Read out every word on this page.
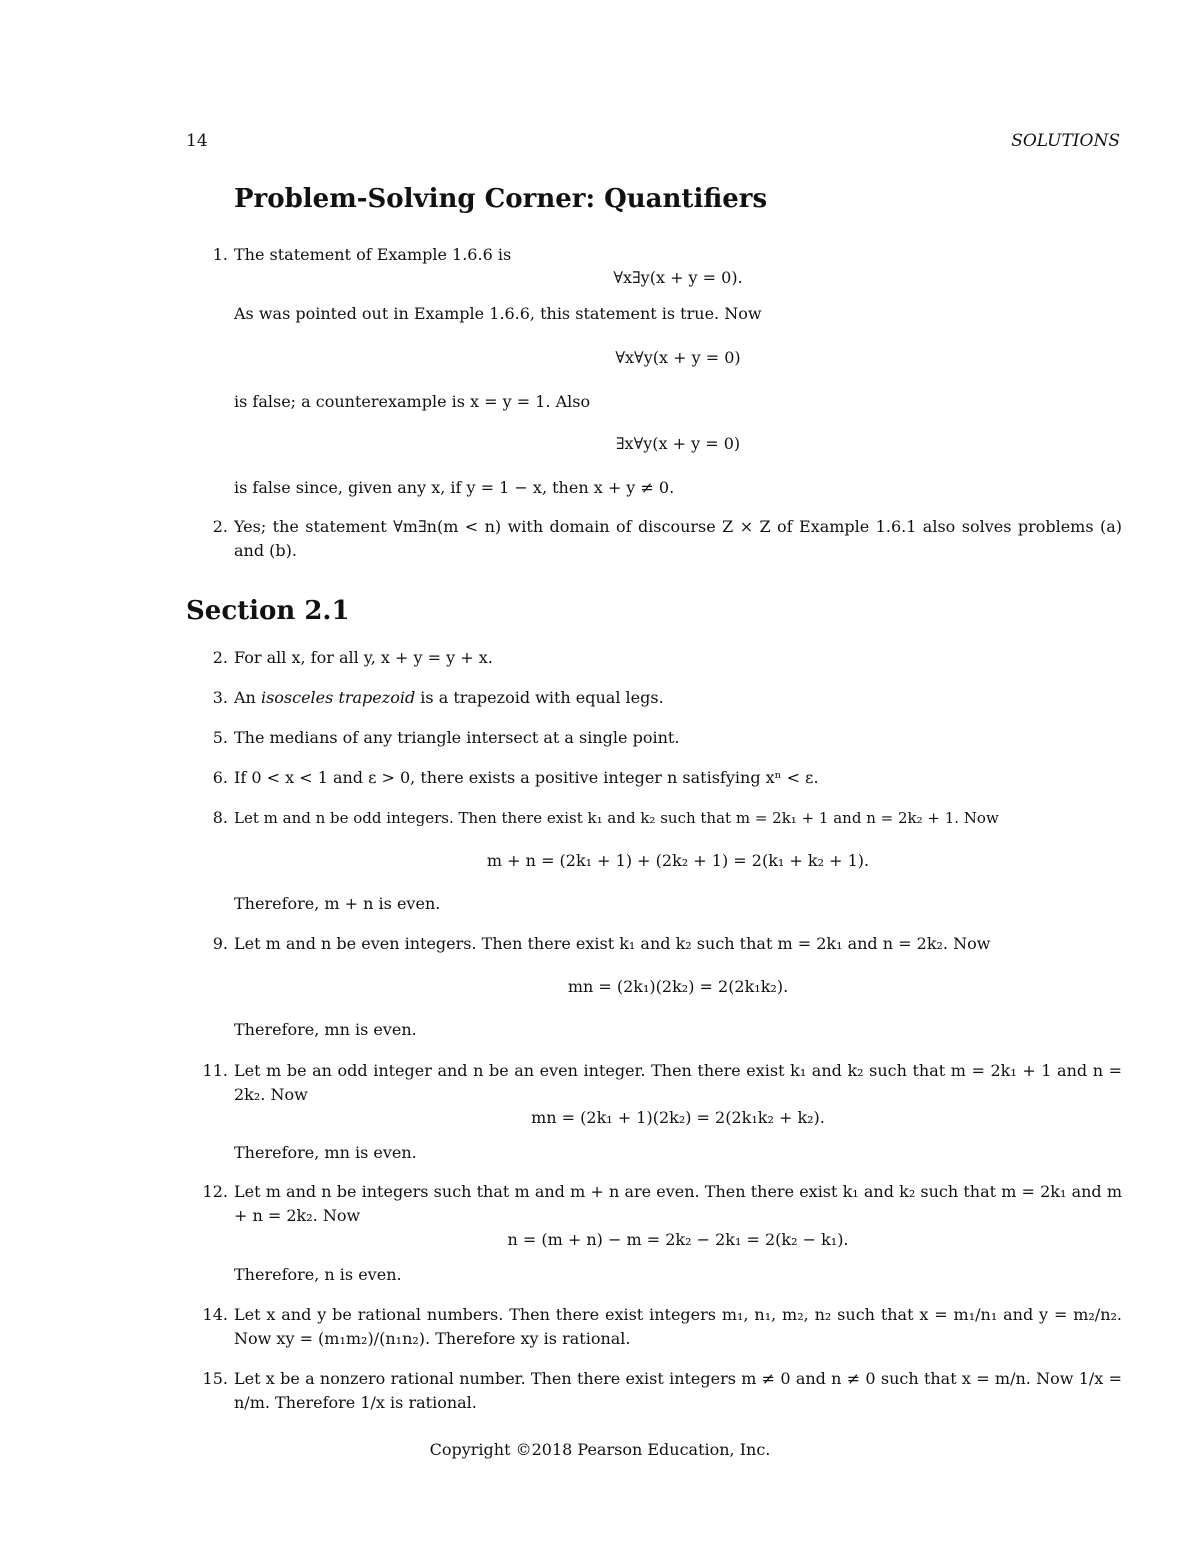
14	SOLUTIONS
Problem-Solving Corner: Quantifiers
1. The statement of Example 1.6.6 is
∀x∃y(x + y = 0).
As was pointed out in Example 1.6.6, this statement is true. Now
∀x∀y(x + y = 0)
is false; a counterexample is x = y = 1. Also
∃x∀y(x + y = 0)
is false since, given any x, if y = 1 − x, then x + y ≠ 0.
2. Yes; the statement ∀m∃n(m < n) with domain of discourse Z × Z of Example 1.6.1 also solves problems (a) and (b).
Section 2.1
2. For all x, for all y, x + y = y + x.
3. An isosceles trapezoid is a trapezoid with equal legs.
5. The medians of any triangle intersect at a single point.
6. If 0 < x < 1 and ε > 0, there exists a positive integer n satisfying xⁿ < ε.
8. Let m and n be odd integers. Then there exist k₁ and k₂ such that m = 2k₁ + 1 and n = 2k₂ + 1. Now
m + n = (2k₁ + 1) + (2k₂ + 1) = 2(k₁ + k₂ + 1).
Therefore, m + n is even.
9. Let m and n be even integers. Then there exist k₁ and k₂ such that m = 2k₁ and n = 2k₂. Now
mn = (2k₁)(2k₂) = 2(2k₁k₂).
Therefore, mn is even.
11. Let m be an odd integer and n be an even integer. Then there exist k₁ and k₂ such that m = 2k₁ + 1 and n = 2k₂. Now
mn = (2k₁ + 1)(2k₂) = 2(2k₁k₂ + k₂).
Therefore, mn is even.
12. Let m and n be integers such that m and m + n are even. Then there exist k₁ and k₂ such that m = 2k₁ and m + n = 2k₂. Now
n = (m + n) − m = 2k₂ − 2k₁ = 2(k₂ − k₁).
Therefore, n is even.
14. Let x and y be rational numbers. Then there exist integers m₁, n₁, m₂, n₂ such that x = m₁/n₁ and y = m₂/n₂. Now xy = (m₁m₂)/(n₁n₂). Therefore xy is rational.
15. Let x be a nonzero rational number. Then there exist integers m ≠ 0 and n ≠ 0 such that x = m/n. Now 1/x = n/m. Therefore 1/x is rational.
Copyright ©2018 Pearson Education, Inc.
